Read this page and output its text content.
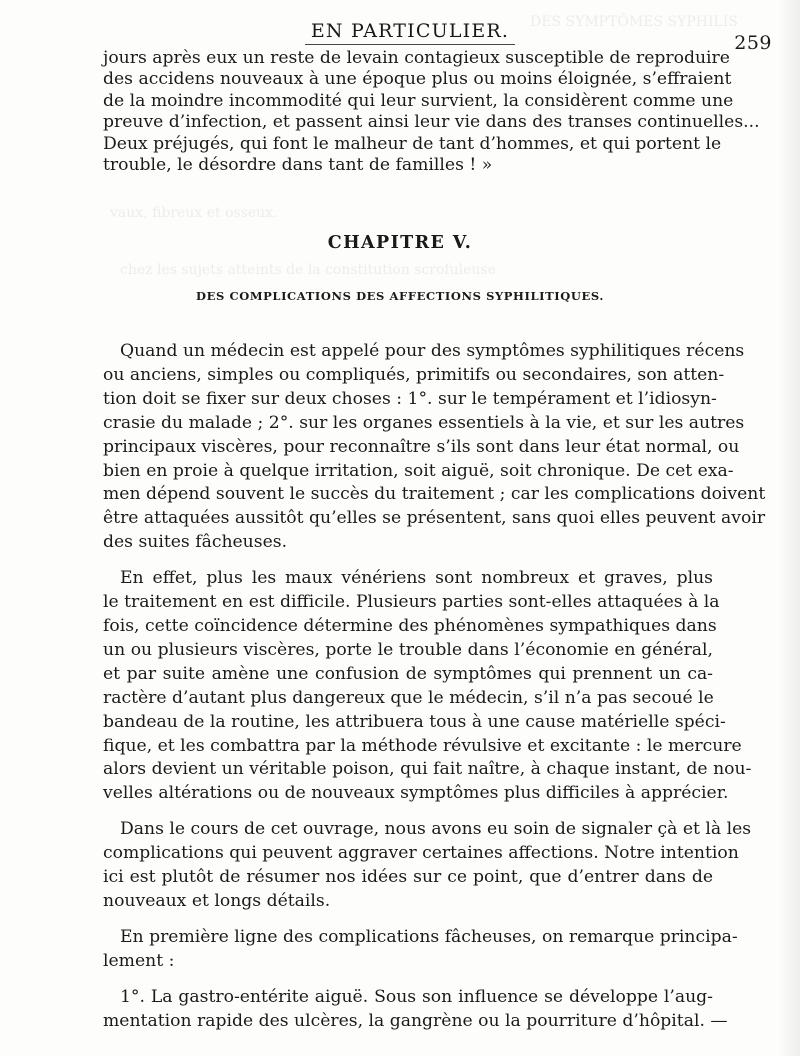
DES SYMPTÔMES SYPHILIS
vaux, fibreux et osseux.
chez les sujets atteints de la constitution scrofuleuse
EN PARTICULIER.
259
jours après eux un reste de levain contagieux susceptible de reproduire
des accidens nouveaux à une époque plus ou moins éloignée, s’effraient
de la moindre incommodité qui leur survient, la considèrent comme une
preuve d’infection, et passent ainsi leur vie dans des transes continuelles...
Deux préjugés, qui font le malheur de tant d’hommes, et qui portent le
trouble, le désordre dans tant de familles ! »
CHAPITRE V.
DES COMPLICATIONS DES AFFECTIONS SYPHILITIQUES.
Quand un médecin est appelé pour des symptômes syphilitiques récens
ou anciens, simples ou compliqués, primitifs ou secondaires, son atten-
tion doit se fixer sur deux choses : 1°. sur le tempérament et l’idiosyn-
crasie du malade ; 2°. sur les organes essentiels à la vie, et sur les autres
principaux viscères, pour reconnaître s’ils sont dans leur état normal, ou
bien en proie à quelque irritation, soit aiguë, soit chronique. De cet exa-
men dépend souvent le succès du traitement ; car les complications doivent
être attaquées aussitôt qu’elles se présentent, sans quoi elles peuvent avoir
des suites fâcheuses.
En effet, plus les maux vénériens sont nombreux et graves, plus
le traitement en est difficile. Plusieurs parties sont-elles attaquées à la
fois, cette coïncidence détermine des phénomènes sympathiques dans
un ou plusieurs viscères, porte le trouble dans l’économie en général,
et par suite amène une confusion de symptômes qui prennent un ca-
ractère d’autant plus dangereux que le médecin, s’il n’a pas secoué le
bandeau de la routine, les attribuera tous à une cause matérielle spéci-
fique, et les combattra par la méthode révulsive et excitante : le mercure
alors devient un véritable poison, qui fait naître, à chaque instant, de nou-
velles altérations ou de nouveaux symptômes plus difficiles à apprécier.
Dans le cours de cet ouvrage, nous avons eu soin de signaler çà et là les
complications qui peuvent aggraver certaines affections. Notre intention
ici est plutôt de résumer nos idées sur ce point, que d’entrer dans de
nouveaux et longs détails.
En première ligne des complications fâcheuses, on remarque principa-
lement :
1°. La gastro-entérite aiguë. Sous son influence se développe l’aug-
mentation rapide des ulcères, la gangrène ou la pourriture d’hôpital. —
